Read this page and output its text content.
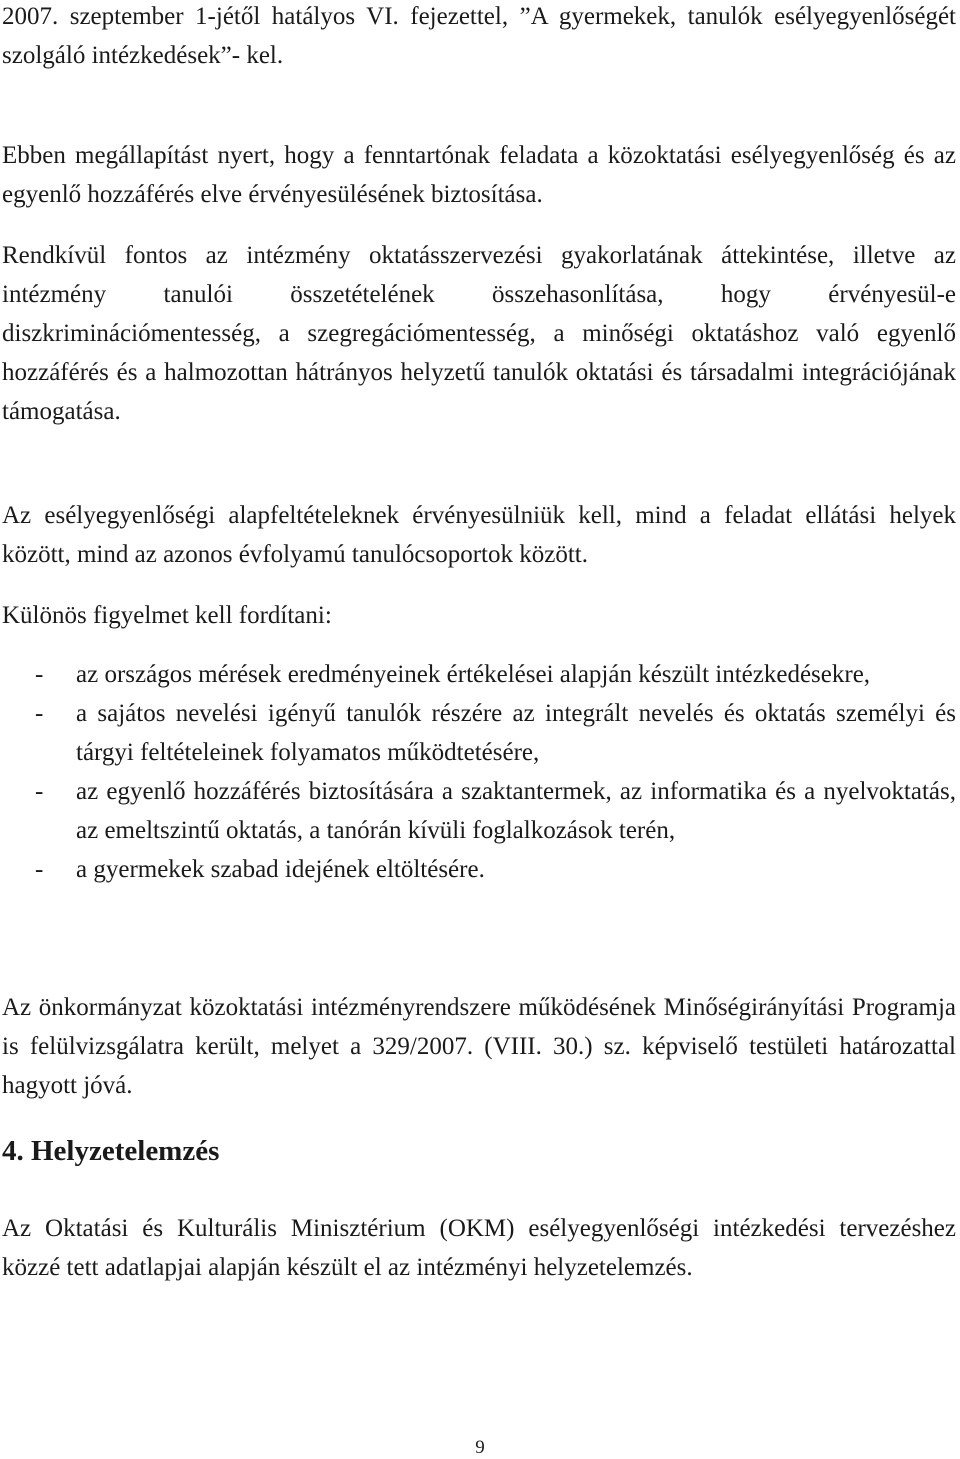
2007. szeptember 1-jétől hatályos VI. fejezettel, ”A gyermekek, tanulók esélyegyenlőségét szolgáló intézkedések”- kel.

Ebben megállapítást nyert, hogy a fenntartónak feladata a közoktatási esélyegyenlőség és az egyenlő hozzáférés elve érvényesülésének biztosítása.

Rendkívül fontos az intézmény oktatásszervezési gyakorlatának áttekintése, illetve az intézmény tanulói összetételének összehasonlítása, hogy érvényesül-e diszkriminációmentesség, a szegregációmentesség, a minőségi oktatáshoz való egyenlő hozzáférés és a halmozottan hátrányos helyzetű tanulók oktatási és társadalmi integrációjának támogatása.

Az esélyegyenlőségi alapfeltételeknek érvényesülniük kell, mind a feladat ellátási helyek között, mind az azonos évfolyamú tanulócsoportok között.

Különös figyelmet kell fordítani:

- az országos mérések eredményeinek értékelései alapján készült intézkedésekre,
- a sajátos nevelési igényű tanulók részére az integrált nevelés és oktatás személyi és tárgyi feltételeinek folyamatos működtetésére,
- az egyenlő hozzáférés biztosítására a szaktantermek, az informatika és a nyelvoktatás, az emeltszintű oktatás, a tanórán kívüli foglalkozások terén,
- a gyermekek szabad idejének eltöltésére.

Az önkormányzat közoktatási intézményrendszere működésének Minőségirányítási Programja is felülvizsgálatra került, melyet a 329/2007. (VIII. 30.) sz. képviselő testületi határozattal hagyott jóvá.

4. Helyzetelemzés

Az Oktatási és Kulturális Minisztérium (OKM) esélyegyenlőségi intézkedési tervezéshez közzé tett adatlapjai alapján készült el az intézményi helyzetelemzés.

9
